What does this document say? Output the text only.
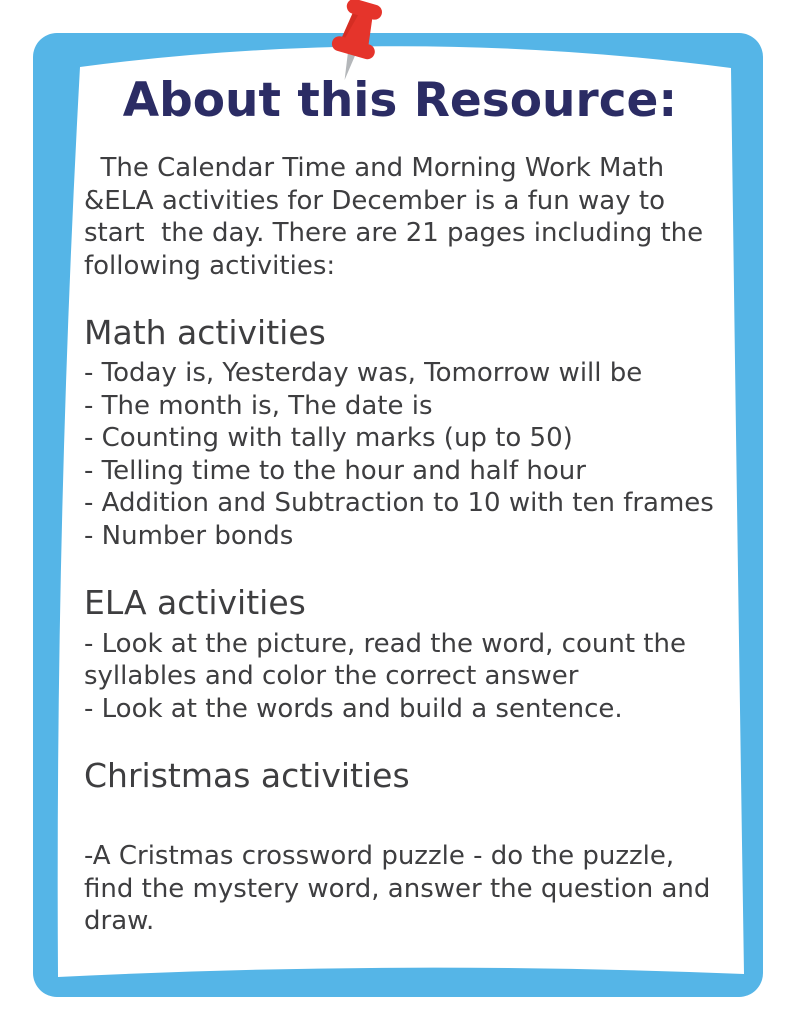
About this Resource:

The Calendar Time and Morning Work Math &ELA activities for December is a fun way to start  the day. There are 21 pages including the following activities:

Math activities

- Today is, Yesterday was, Tomorrow will be

- The month is, The date is

- Counting with tally marks (up to 50)

- Telling time to the hour and half hour

- Addition and Subtraction to 10 with ten frames

- Number bonds

ELA activities

- Look at the picture, read the word, count the syllables and color the correct answer

- Look at the words and build a sentence.

Christmas activities

-A Cristmas crossword puzzle - do the puzzle, find the mystery word, answer the question and draw.
